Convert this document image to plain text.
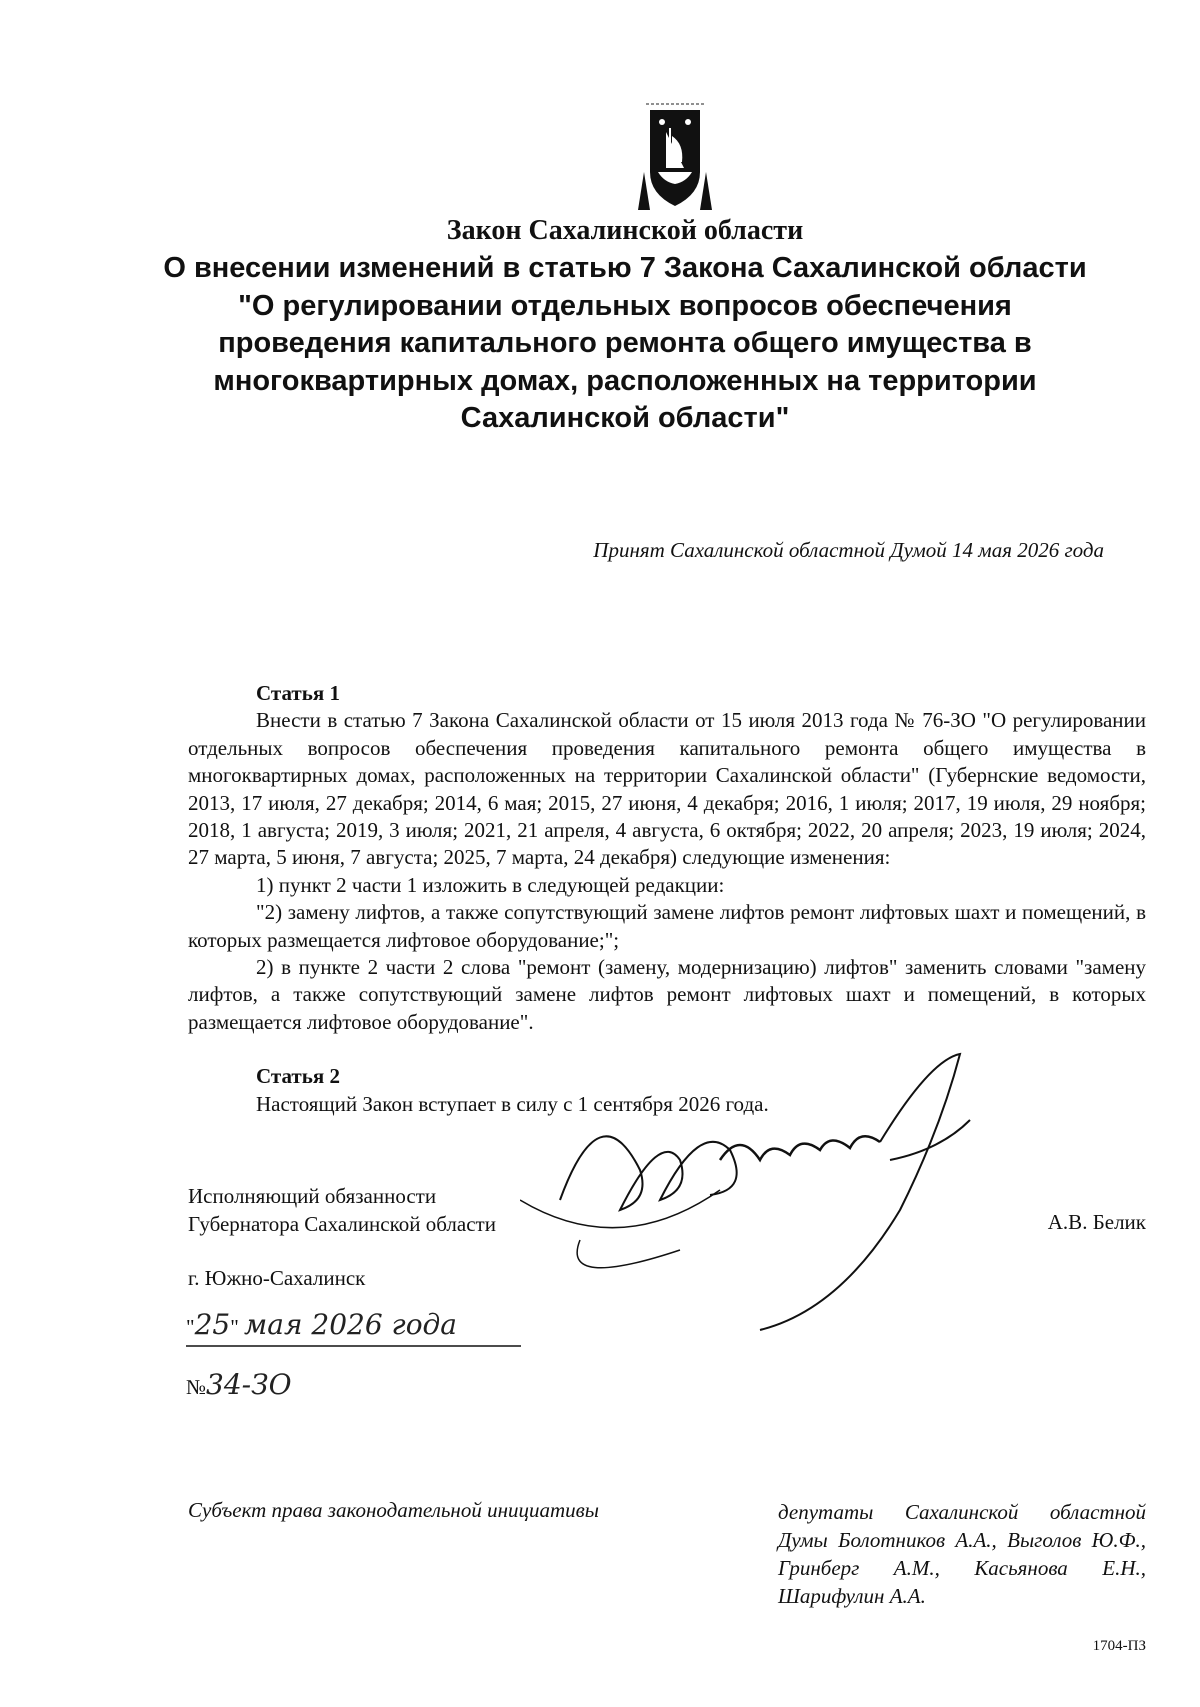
Закон Сахалинской области
О внесении изменений в статью 7 Закона Сахалинской области "О регулировании отдельных вопросов обеспечения проведения капитального ремонта общего имущества в многоквартирных домах, расположенных на территории Сахалинской области"
Принят Сахалинской областной Думой 14 мая 2026 года
Статья 1

Внести в статью 7 Закона Сахалинской области от 15 июля 2013 года № 76-ЗО "О регулировании отдельных вопросов обеспечения проведения капитального ремонта общего имущества в многоквартирных домах, расположенных на территории Сахалинской области" (Губернские ведомости, 2013, 17 июля, 27 декабря; 2014, 6 мая; 2015, 27 июня, 4 декабря; 2016, 1 июля; 2017, 19 июля, 29 ноября; 2018, 1 августа; 2019, 3 июля; 2021, 21 апреля, 4 августа, 6 октября; 2022, 20 апреля; 2023, 19 июля; 2024, 27 марта, 5 июня, 7 августа; 2025, 7 марта, 24 декабря) следующие изменения:

1) пункт 2 части 1 изложить в следующей редакции:

"2) замену лифтов, а также сопутствующий замене лифтов ремонт лифтовых шахт и помещений, в которых размещается лифтовое оборудование;";

2) в пункте 2 части 2 слова "ремонт (замену, модернизацию) лифтов" заменить словами "замену лифтов, а также сопутствующий замене лифтов ремонт лифтовых шахт и помещений, в которых размещается лифтовое оборудование".

Статья 2

Настоящий Закон вступает в силу с 1 сентября 2026 года.

Исполняющий обязанности
Губернатора Сахалинской области	А.В. Белик
г. Южно-Сахалинск
"25" мая 2026 года
№34-ЗО
Субъект права законодательной инициативы	депутаты Сахалинской областной Думы Болотников А.А., Выголов Ю.Ф., Гринберг А.М., Касьянова Е.Н., Шарифулин А.А.
1704-ПЗ
